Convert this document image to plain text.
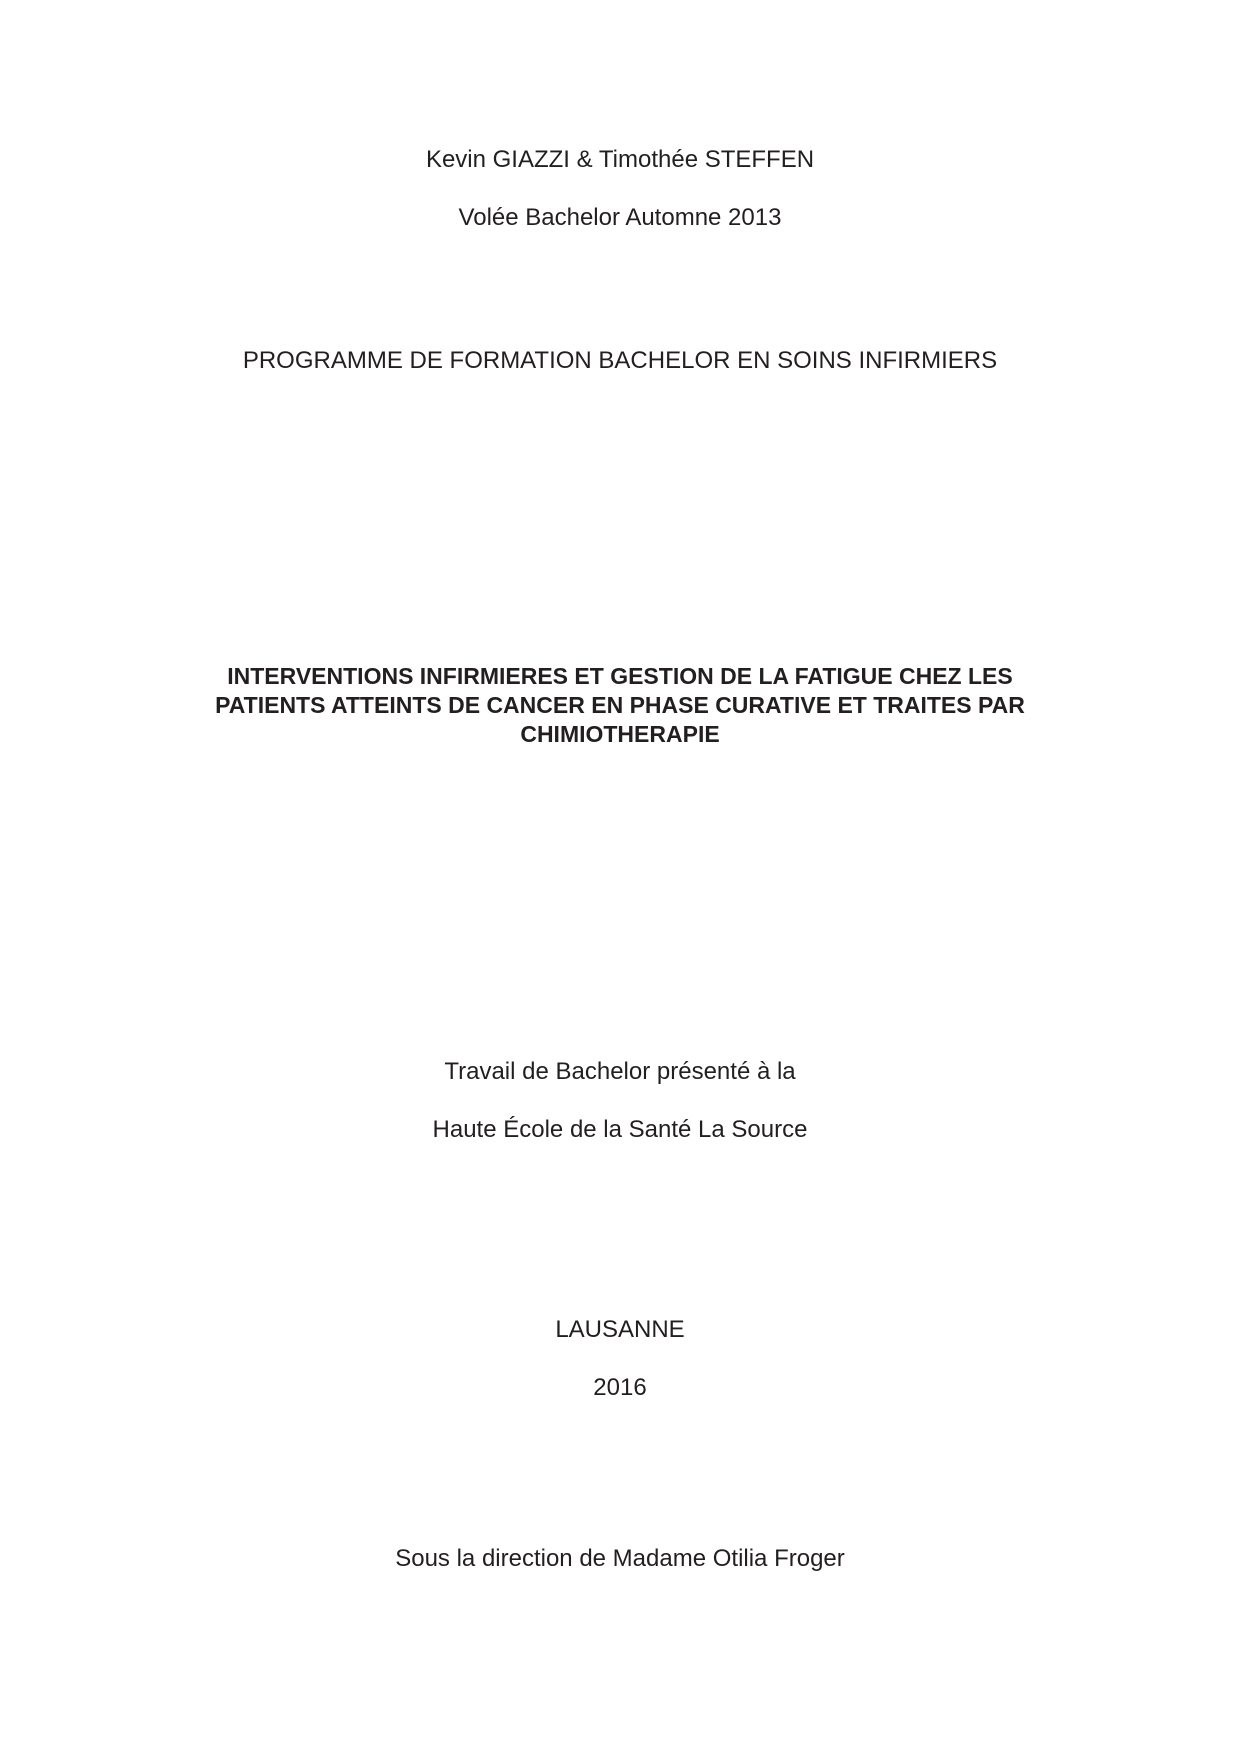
Kevin GIAZZI & Timothée STEFFEN
Volée Bachelor Automne 2013
PROGRAMME DE FORMATION BACHELOR EN SOINS INFIRMIERS
INTERVENTIONS INFIRMIERES ET GESTION DE LA FATIGUE CHEZ LES
PATIENTS ATTEINTS DE CANCER EN PHASE CURATIVE ET TRAITES PAR
CHIMIOTHERAPIE
Travail de Bachelor présenté à la
Haute École de la Santé La Source
LAUSANNE
2016
Sous la direction de Madame Otilia Froger
